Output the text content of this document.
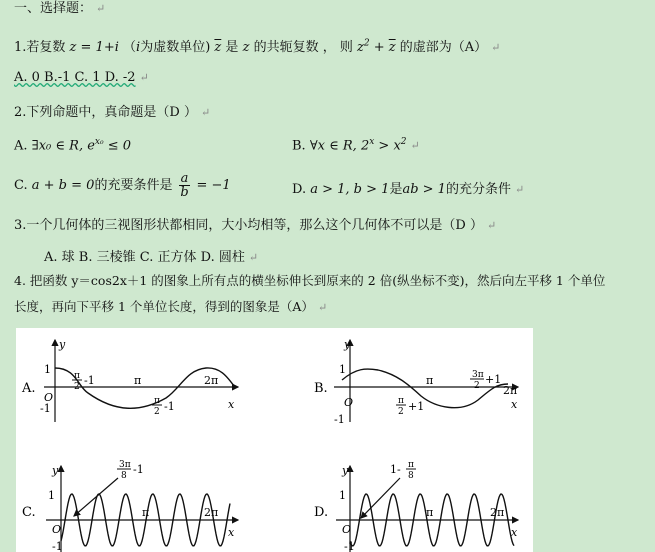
一、选择题： ↵
1.若复数 z = 1+i （i为虚数单位) $\overline{z}$ 是 z 的共轭复数 ， 则 $z^2 + \overline{z}$ 的虚部为（A） ↵
A. 0 B.-1 C. 1 D. -2 ↵
2.下列命题中，真命题是（D ） ↵
A. ∃x₀ ∈ R, $e^{x_0} \le 0$	B. ∀x ∈ R, $2^x > x^2$ ↵
C. a + b = 0的充要条件是 $\frac{a}{b} = -1$	D. a > 1, b > 1是ab > 1的充分条件 ↵
3.一个几何体的三视图形状都相同，大小均相等，那么这个几何体不可以是（D ） ↵
A. 球 B. 三棱锥 C. 正方体 D. 圆柱 ↵
4. 把函数 y＝cos2x＋1 的图象上所有点的横坐标伸长到原来的 2 倍(纵坐标不变)，然后向左平移 1 个单位
长度，再向下平移 1 个单位长度，得到的图象是（A） ↵
A.
y
1
-1
O
x
π	2π
π
2 -1
π
2 -1
B.
y
1
-1
O	x
π
2π
3π
2 +1
π
2 +1
C.
y
1
-1
O	x
π	2π
3π
8 -1
D.
y
1
-1
O	x
π	2π
1- π
8
